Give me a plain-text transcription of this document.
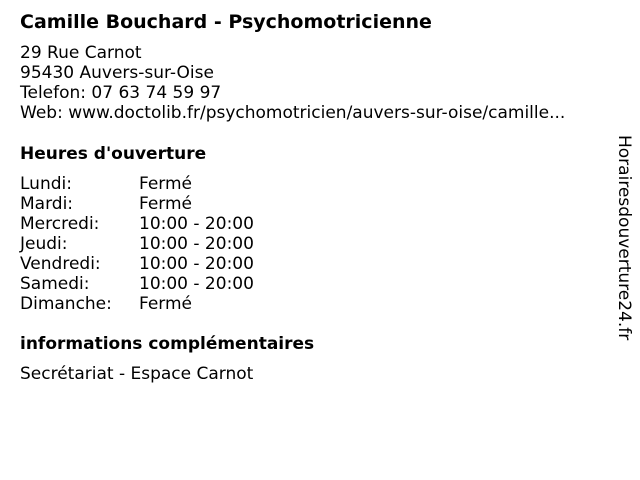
Camille Bouchard - Psychomotricienne
29 Rue Carnot
95430 Auvers-sur-Oise
Telefon: 07 63 74 59 97
Web: www.doctolib.fr/psychomotricien/auvers-sur-oise/camille...
Heures d'ouverture
Lundi:	Fermé
Mardi:	Fermé
Mercredi:	10:00 - 20:00
Jeudi:	10:00 - 20:00
Vendredi:	10:00 - 20:00
Samedi:	10:00 - 20:00
Dimanche:	Fermé
informations complémentaires
Secrétariat - Espace Carnot
Horairesdouverture24.fr
